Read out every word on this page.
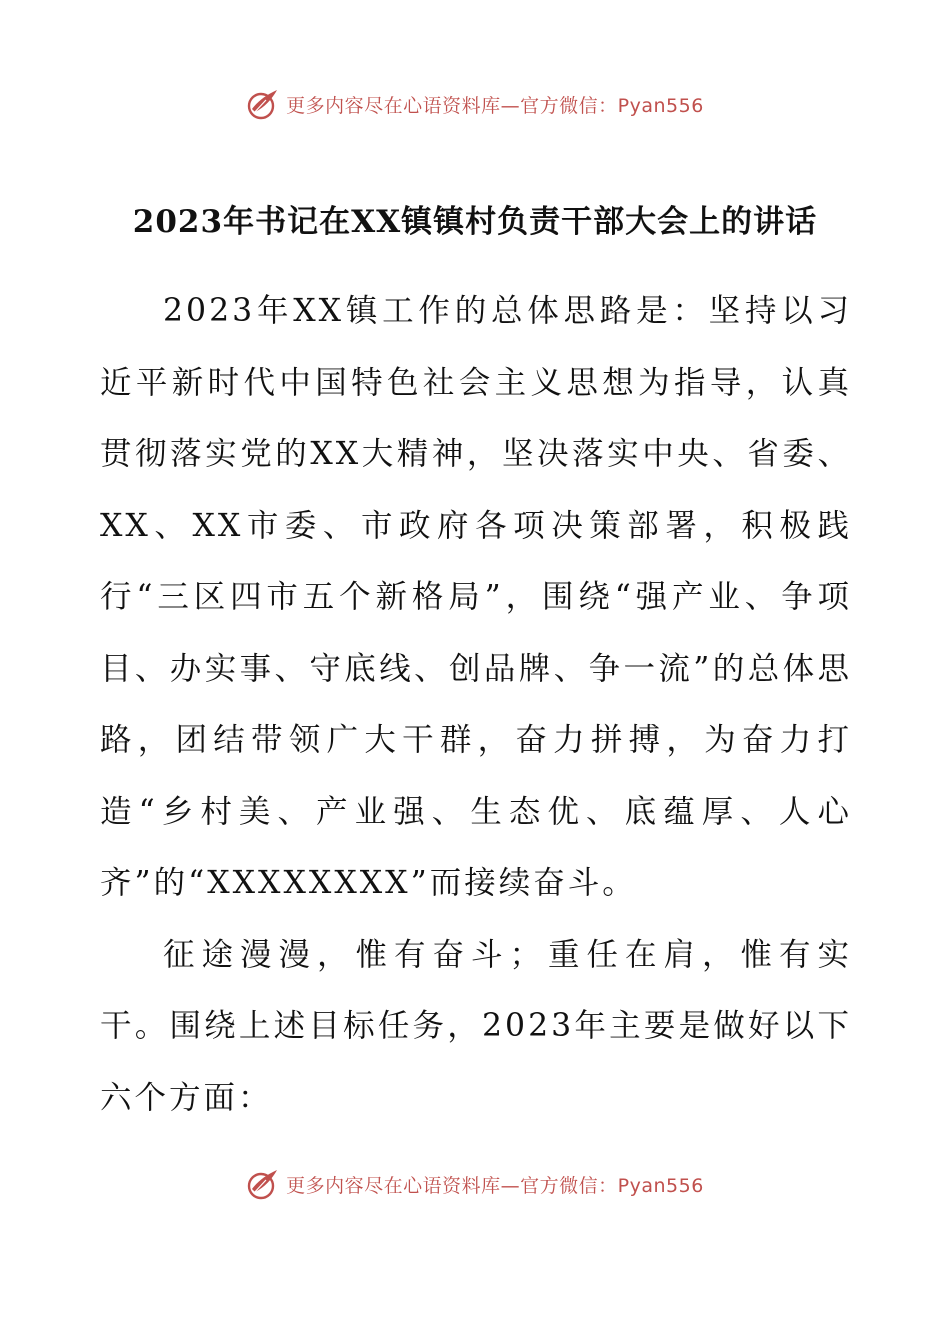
更多内容尽在心语资料库—官方微信：Pyan556
2023年书记在XX镇镇村负责干部大会上的讲话

2023年XX镇工作的总体思路是：坚持以习近平新时代中国特色社会主义思想为指导，认真贯彻落实党的XX大精神，坚决落实中央、省委、XX、XX市委、市政府各项决策部署，积极践行“三区四市五个新格局”，围绕“强产业、争项目、办实事、守底线、创品牌、争一流”的总体思路，团结带领广大干群，奋力拼搏，为奋力打造“乡村美、产业强、生态优、底蕴厚、人心齐”的“XXXXXXXX”而接续奋斗。

征途漫漫，惟有奋斗；重任在肩，惟有实干。围绕上述目标任务，2023年主要是做好以下六个方面：

更多内容尽在心语资料库—官方微信：Pyan556
